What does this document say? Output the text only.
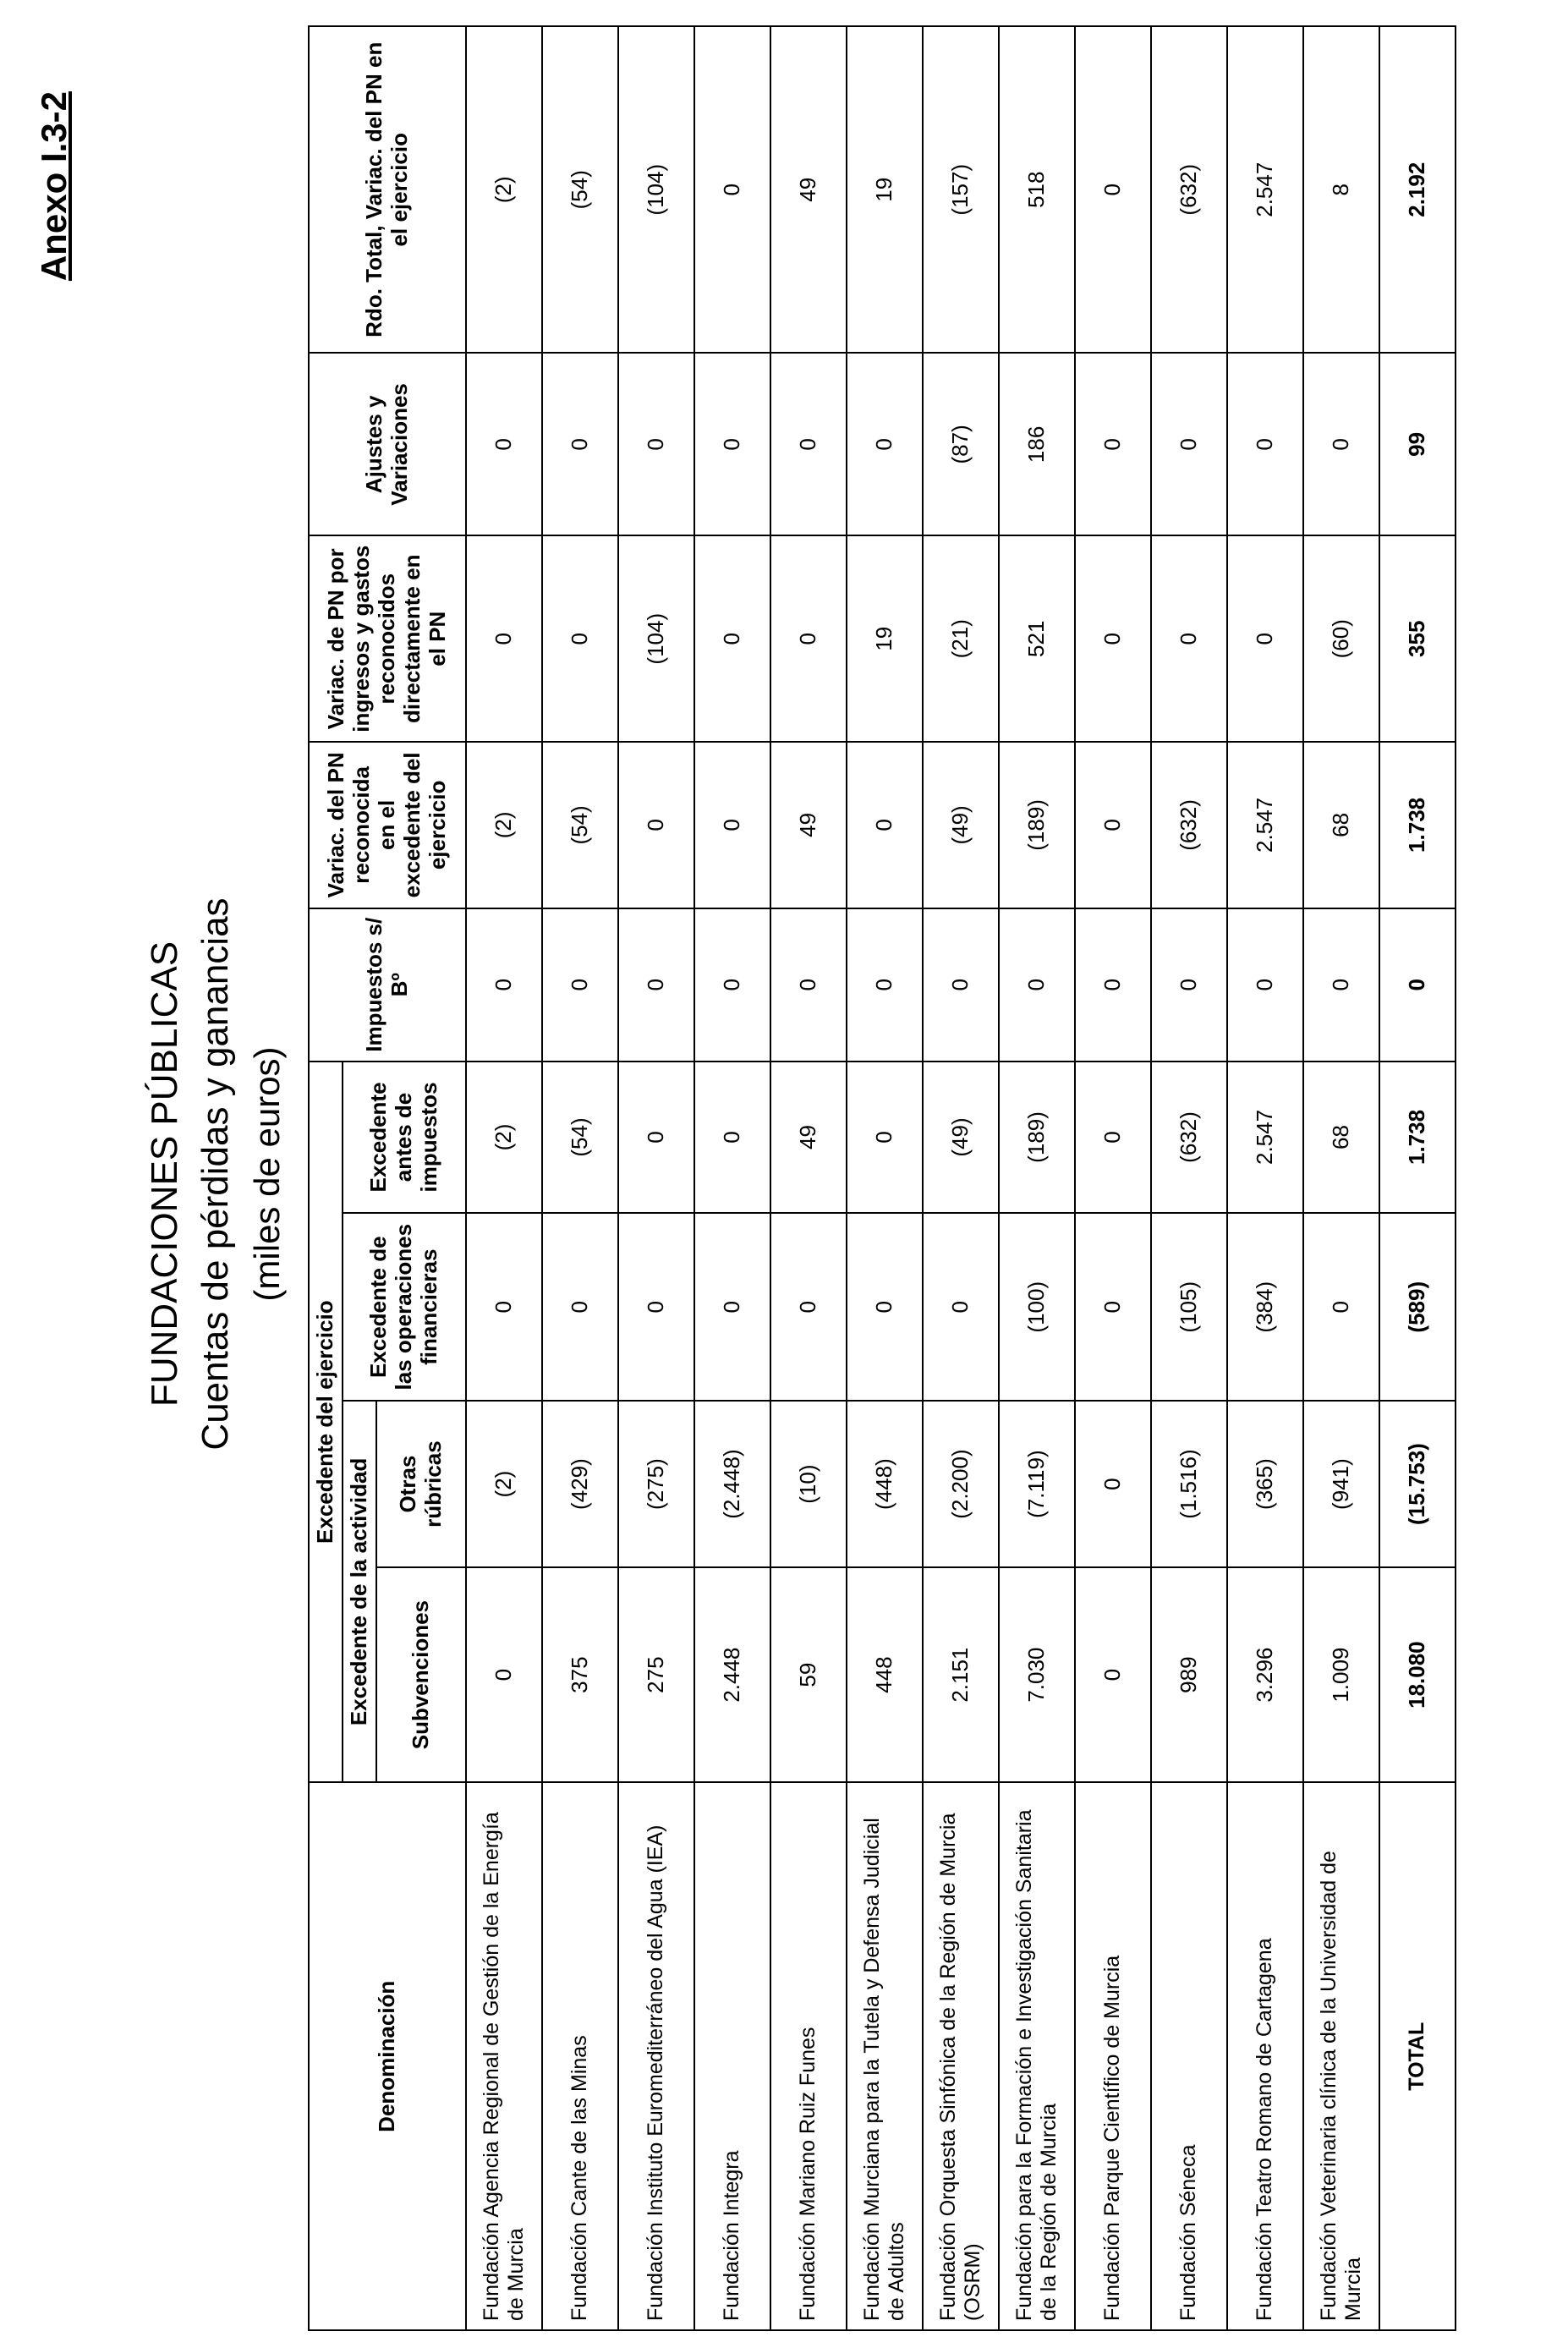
Anexo I.3-2
FUNDACIONES PÚBLICAS Cuentas de pérdidas y ganancias (miles de euros)
Denominación	Excedente del ejercicio				Impuestos s/ Bº	Variac. del PN reconocida en el excedente del ejercicio	Variac. de PN por ingresos y gastos reconocidos directamente en el PN	Ajustes y Variaciones	Rdo. Total, Variac. del PN en el ejercicio
	Excedente de la actividad		Excedente de las operaciones financieras	Excedente antes de impuestos					
	Subvenciones	Otras rúbricas							
Fundación Agencia Regional de Gestión de la Energía de Murcia	0	(2)	0	(2)	0	(2)	0	0	(2)
Fundación Cante de las Minas	375	(429)	0	(54)	0	(54)	0	0	(54)
Fundación Instituto Euromediterráneo del Agua (IEA)	275	(275)	0	0	0	0	(104)	0	(104)
Fundación Integra	2.448	(2.448)	0	0	0	0	0	0	0
Fundación Mariano Ruiz Funes	59	(10)	0	49	0	49	0	0	49
Fundación Murciana para la Tutela y Defensa Judicial de Adultos	448	(448)	0	0	0	0	19	0	19
Fundación Orquesta Sinfónica de la Región de Murcia (OSRM)	2.151	(2.200)	0	(49)	0	(49)	(21)	(87)	(157)
Fundación para la Formación e Investigación Sanitaria de la Región de Murcia	7.030	(7.119)	(100)	(189)	0	(189)	521	186	518
Fundación Parque Científico de Murcia	0	0	0	0	0	0	0	0	0
Fundación Séneca	989	(1.516)	(105)	(632)	0	(632)	0	0	(632)
Fundación Teatro Romano de Cartagena	3.296	(365)	(384)	2.547	0	2.547	0	0	2.547
Fundación Veterinaria clínica de la Universidad de Murcia	1.009	(941)	0	68	0	68	(60)	0	8
TOTAL	18.080	(15.753)	(589)	1.738	0	1.738	355	99	2.192
